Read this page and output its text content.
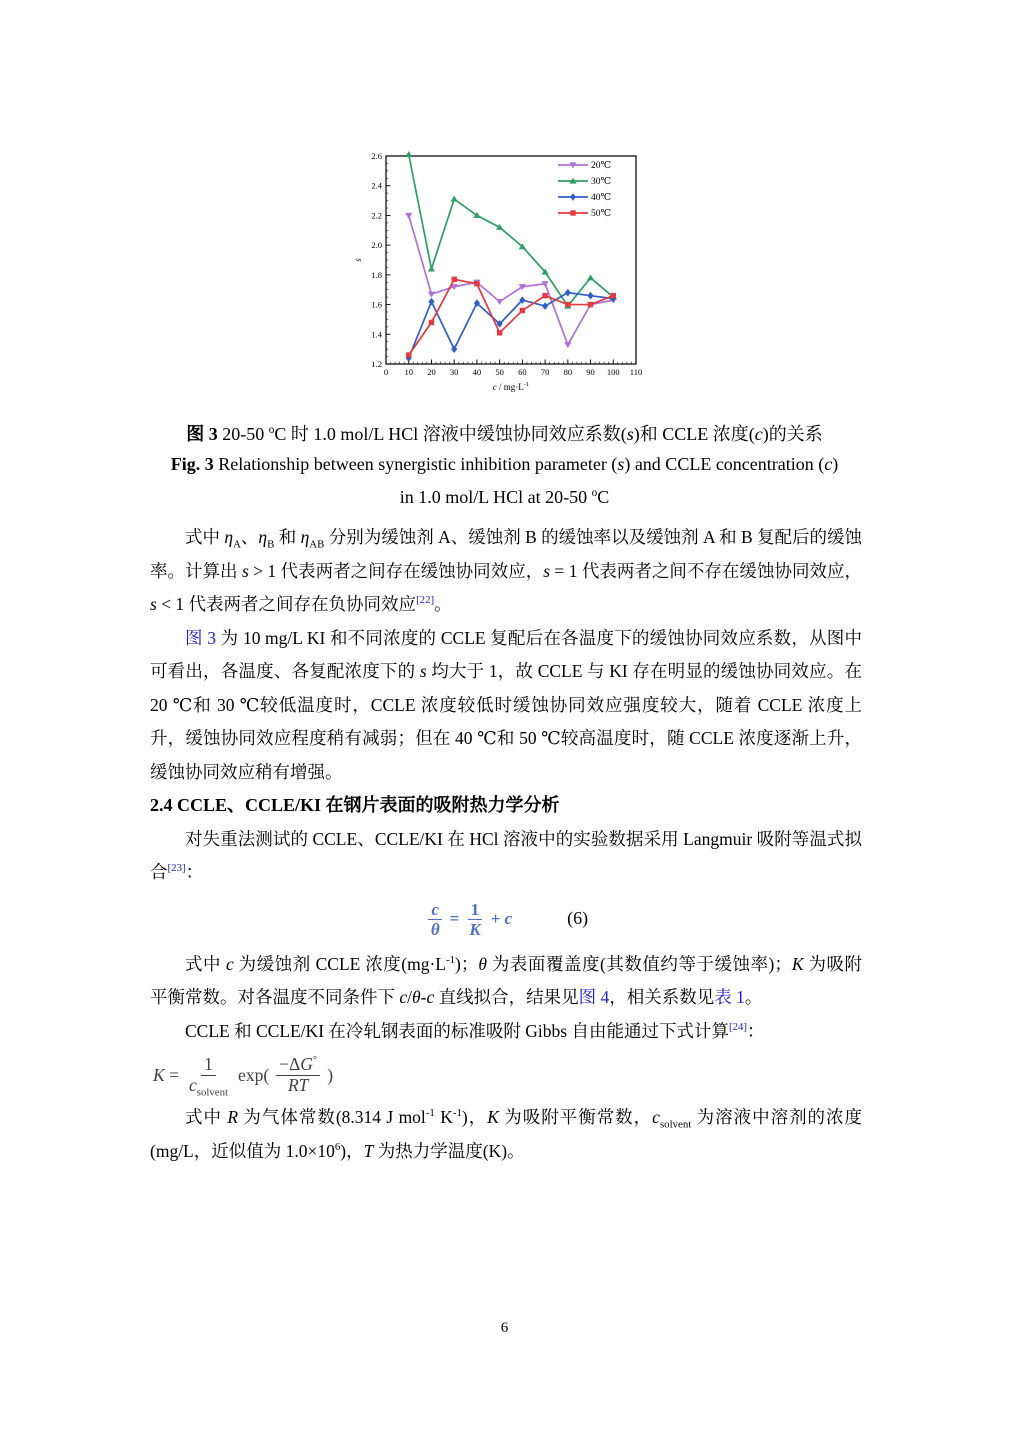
0 10 20 30 40 50 60 70 80 90 100 110
1.2
1.4
1.6
1.8
2.0
2.2
2.4
2.6
s
$c / mg\cdot L^{-1}$
20℃
30℃
40℃
50℃
图 3 20-50 $^o$C 时 1.0 mol/L HCl 溶液中缓蚀协同效应系数(s)和 CCLE 浓度(c)的关系
Fig. 3 Relationship between synergistic inhibition parameter (s) and CCLE concentration (c)
in 1.0 mol/L HCl at 20-50 $^o$C

式中 $\eta_A$、$\eta_B$ 和 $\eta_{AB}$ 分别为缓蚀剂 A、缓蚀剂 B 的缓蚀率以及缓蚀剂 A 和 B 复配后的缓蚀率。计算出 s > 1 代表两者之间存在缓蚀协同效应，s = 1 代表两者之间不存在缓蚀协同效应，s < 1 代表两者之间存在负协同效应[22]。

图 3 为 10 mg/L KI 和不同浓度的 CCLE 复配后在各温度下的缓蚀协同效应系数，从图中可看出，各温度、各复配浓度下的 s 均大于 1，故 CCLE 与 KI 存在明显的缓蚀协同效应。在 20 ℃和 30 ℃较低温度时，CCLE 浓度较低时缓蚀协同效应强度较大，随着 CCLE 浓度上升，缓蚀协同效应程度稍有减弱；但在 40 ℃和 50 ℃较高温度时，随 CCLE 浓度逐渐上升，缓蚀协同效应稍有增强。

2.4 CCLE、CCLE/KI 在钢片表面的吸附热力学分析

对失重法测试的 CCLE、CCLE/KI 在 HCl 溶液中的实验数据采用 Langmuir 吸附等温式拟合[23]：

$\frac{c}{\theta} = \frac{1}{K} + c$	(6)

式中 c 为缓蚀剂 CCLE 浓度$(mg\cdot L^{-1})$；θ 为表面覆盖度(其数值约等于缓蚀率)；K 为吸附平衡常数。对各温度不同条件下 c/θ-c 直线拟合，结果见图 4，相关系数见表 1。

CCLE 和 CCLE/KI 在冷轧钢表面的标准吸附 Gibbs 自由能通过下式计算[24]：

$K = \frac{1}{c_{solvent}} \exp( \frac{-\Delta G^\circ}{RT}$ )

式中 R 为气体常数(8.314 J mol$^{-1}$ $K^{-1}$)，K 为吸附平衡常数，$c_{solvent}$ 为溶液中溶剂的浓度(mg/L，近似值为 $1.0\times 10^6$)，T 为热力学温度(K)。

6
